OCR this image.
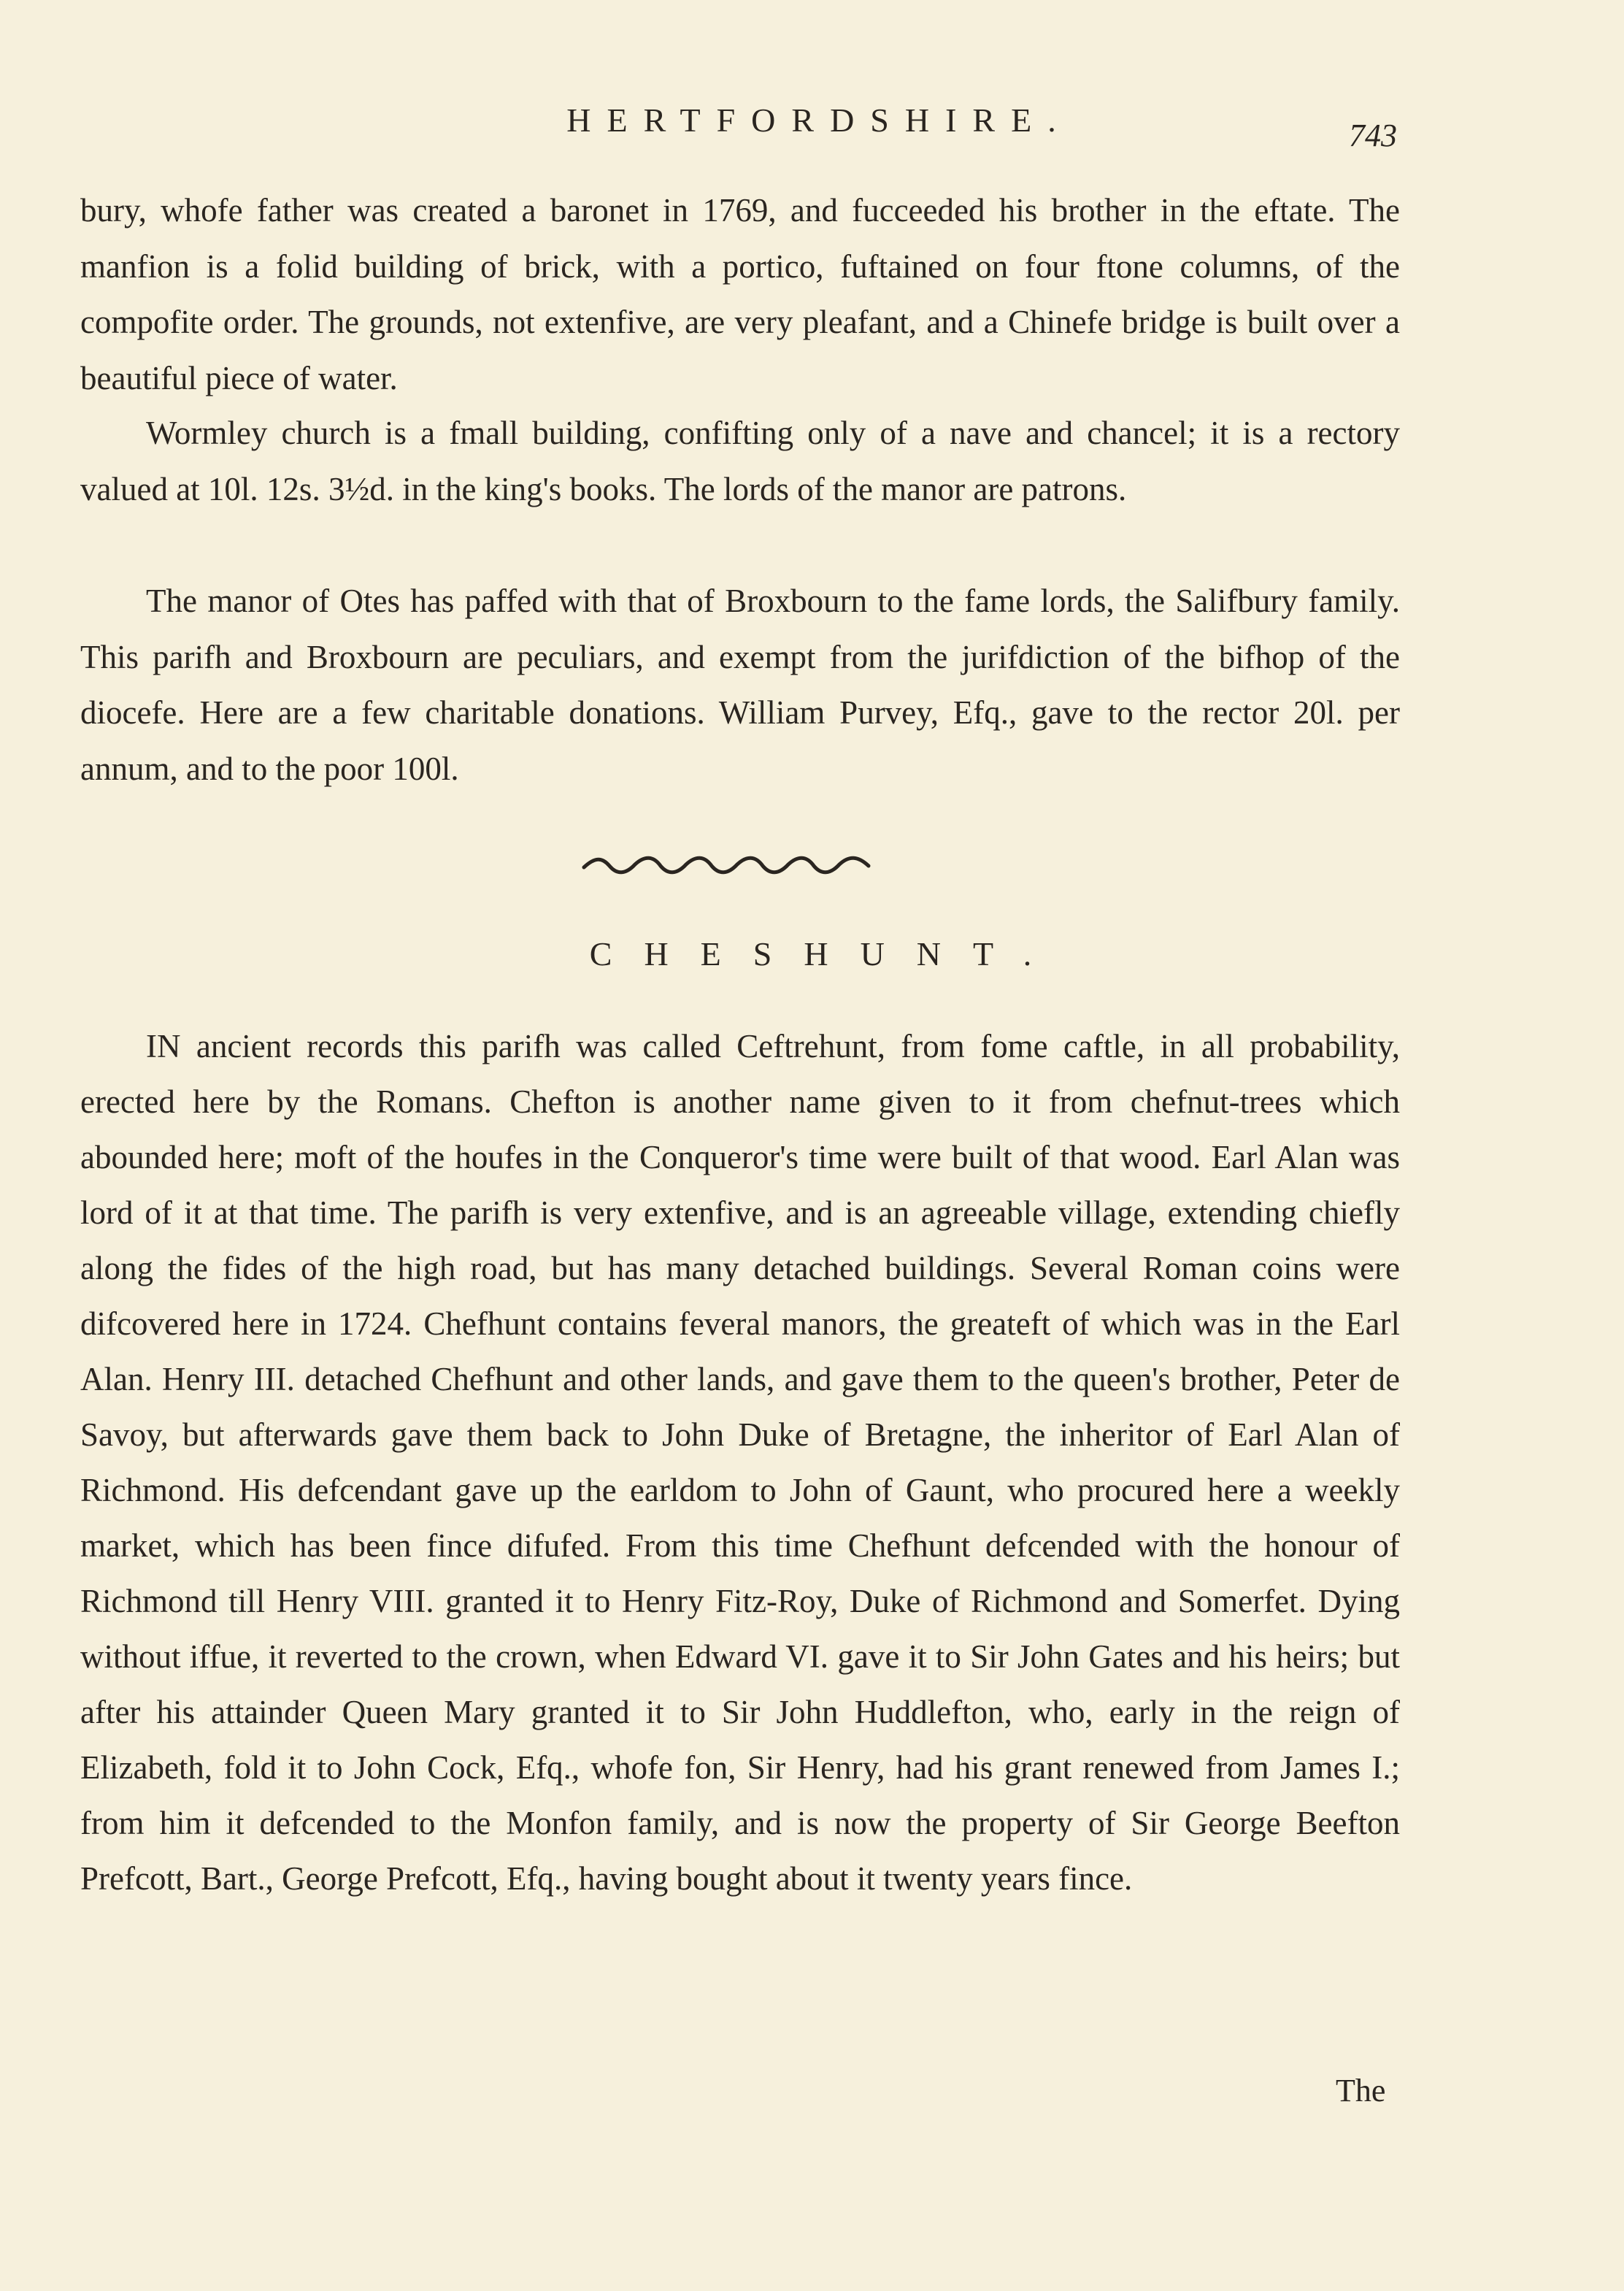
HERTFORDSHIRE.	743

bury, whofe father was created a baronet in 1769, and fucceeded his brother in the eftate. The manfion is a folid building of brick, with a portico, fuftained on four ftone columns, of the compofite order. The grounds, not extenfive, are very pleafant, and a Chinefe bridge is built over a beautiful piece of water.

Wormley church is a fmall building, confifting only of a nave and chancel; it is a rectory valued at 10l. 12s. 3½d. in the king's books. The lords of the manor are patrons.

The manor of Otes has paffed with that of Broxbourn to the fame lords, the Salifbury family. This parifh and Broxbourn are peculiars, and exempt from the jurifdiction of the bifhop of the diocefe. Here are a few charitable donations. William Purvey, Efq., gave to the rector 20l. per annum, and to the poor 100l.

CHESHUNT.

IN ancient records this parifh was called Ceftrehunt, from fome caftle, in all probability, erected here by the Romans. Chefton is another name given to it from chefnut-trees which abounded here; moft of the houfes in the Conqueror's time were built of that wood. Earl Alan was lord of it at that time. The parifh is very extenfive, and is an agreeable village, extending chiefly along the fides of the high road, but has many detached buildings. Several Roman coins were difcovered here in 1724. Chefhunt contains feveral manors, the greateft of which was in the Earl Alan. Henry III. detached Chefhunt and other lands, and gave them to the queen's brother, Peter de Savoy, but afterwards gave them back to John Duke of Bretagne, the inheritor of Earl Alan of Richmond. His defcendant gave up the earldom to John of Gaunt, who procured here a weekly market, which has been fince difufed. From this time Chefhunt defcended with the honour of Richmond till Henry VIII. granted it to Henry Fitz-Roy, Duke of Richmond and Somerfet. Dying without iffue, it reverted to the crown, when Edward VI. gave it to Sir John Gates and his heirs; but after his attainder Queen Mary granted it to Sir John Huddlefton, who, early in the reign of Elizabeth, fold it to John Cock, Efq., whofe fon, Sir Henry, had his grant renewed from James I.; from him it defcended to the Monfon family, and is now the property of Sir George Beefton Prefcott, Bart., George Prefcott, Efq., having bought about it twenty years fince.

The
